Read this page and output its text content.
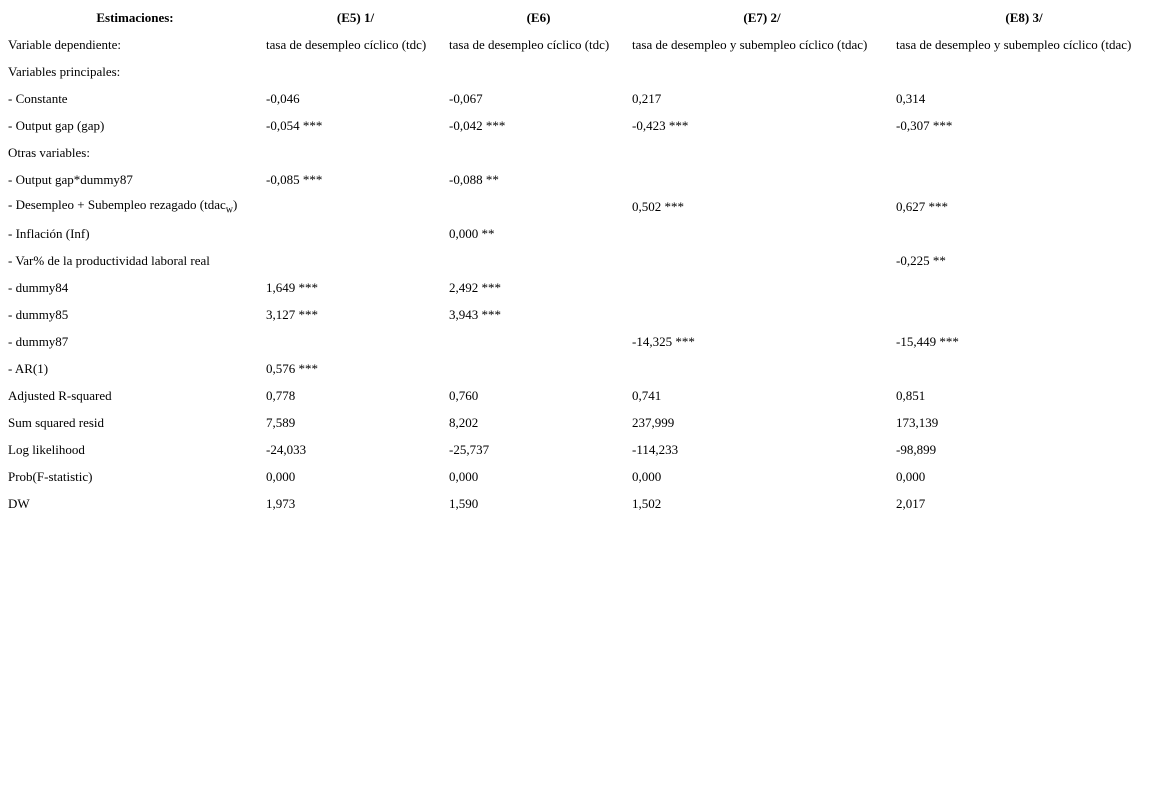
Estimaciones:	(E5) 1/	(E6)	(E7) 2/	(E8) 3/
Variable dependiente:	tasa de desempleo cíclico (tdc)	tasa de desempleo cíclico (tdc)	tasa de desempleo y subempleo cíclico (tdac)	tasa de desempleo y subempleo cíclico (tdac)
Variables principales:				
- Constante	-0,046	-0,067	0,217	0,314
- Output gap (gap)	-0,054 ***	-0,042 ***	-0,423 ***	-0,307 ***
Otras variables:				
- Output gap*dummy87	-0,085 ***	-0,088 **		
- Desempleo + Subempleo rezagado (tdac$_w$)			0,502 ***	0,627 ***
- Inflación (Inf)		0,000 **		
- Var% de la productividad laboral real				-0,225 **
- dummy84	1,649 ***	2,492 ***		
- dummy85	3,127 ***	3,943 ***		
- dummy87			-14,325 ***	-15,449 ***
- AR(1)	0,576 ***			
Adjusted R-squared	0,778	0,760	0,741	0,851
Sum squared resid	7,589	8,202	237,999	173,139
Log likelihood	-24,033	-25,737	-114,233	-98,899
Prob(F-statistic)	0,000	0,000	0,000	0,000
DW	1,973	1,590	1,502	2,017
